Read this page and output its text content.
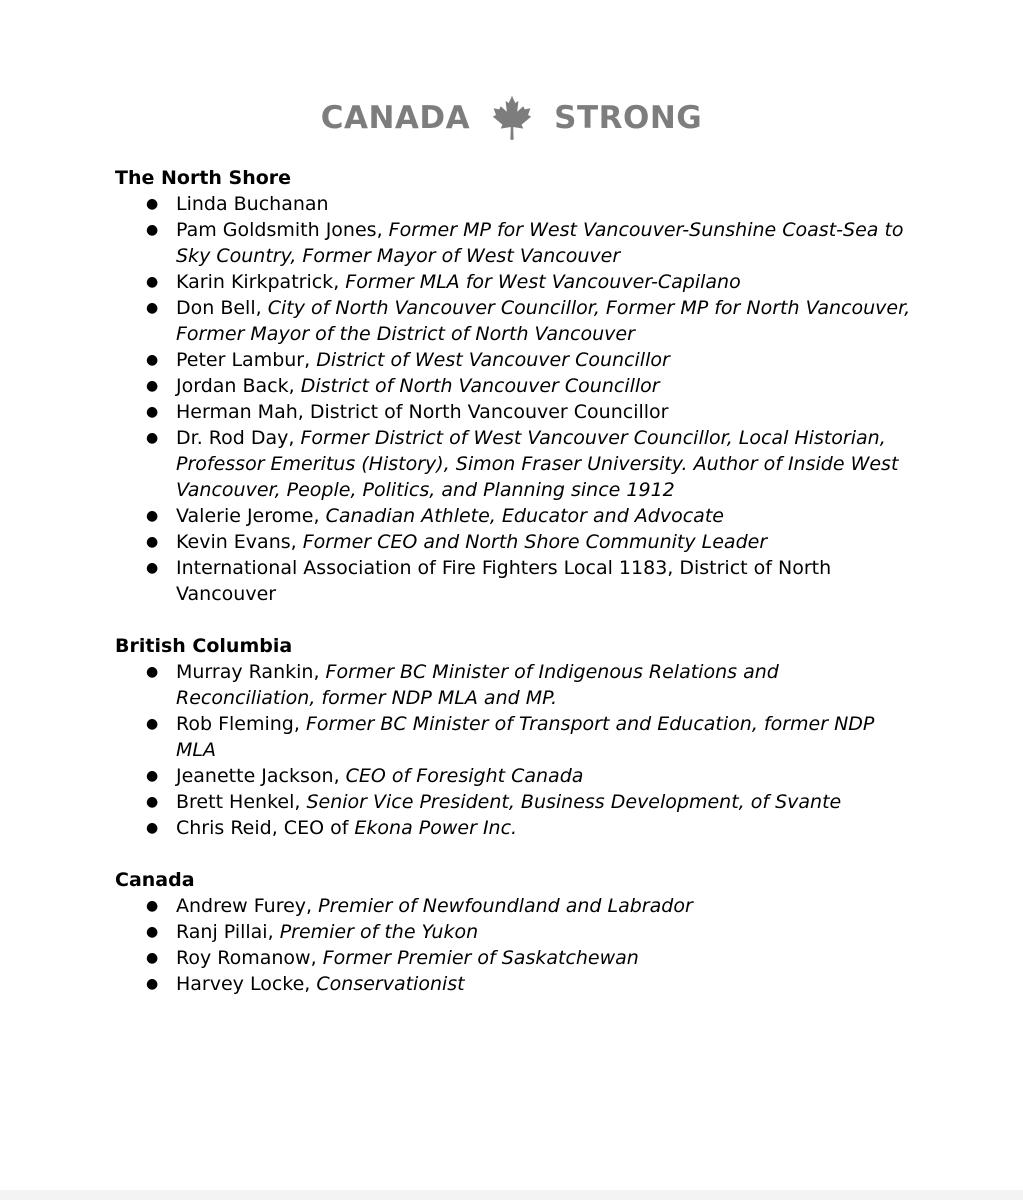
CANADA	STRONG
The North Shore
● Linda Buchanan
● Pam Goldsmith Jones, Former MP for West Vancouver-Sunshine Coast-Sea to Sky Country, Former Mayor of West Vancouver
● Karin Kirkpatrick, Former MLA for West Vancouver-Capilano
● Don Bell, City of North Vancouver Councillor, Former MP for North Vancouver, Former Mayor of the District of North Vancouver
● Peter Lambur, District of West Vancouver Councillor
● Jordan Back, District of North Vancouver Councillor
● Herman Mah, District of North Vancouver Councillor
● Dr. Rod Day, Former District of West Vancouver Councillor, Local Historian, Professor Emeritus (History), Simon Fraser University. Author of Inside West Vancouver, People, Politics, and Planning since 1912
● Valerie Jerome, Canadian Athlete, Educator and Advocate
● Kevin Evans, Former CEO and North Shore Community Leader
● International Association of Fire Fighters Local 1183, District of North Vancouver
British Columbia
● Murray Rankin, Former BC Minister of Indigenous Relations and Reconciliation, former NDP MLA and MP.
● Rob Fleming, Former BC Minister of Transport and Education, former NDP MLA
● Jeanette Jackson, CEO of Foresight Canada
● Brett Henkel, Senior Vice President, Business Development, of Svante
● Chris Reid, CEO of Ekona Power Inc.
Canada
● Andrew Furey, Premier of Newfoundland and Labrador
● Ranj Pillai, Premier of the Yukon
● Roy Romanow, Former Premier of Saskatchewan
● Harvey Locke, Conservationist
